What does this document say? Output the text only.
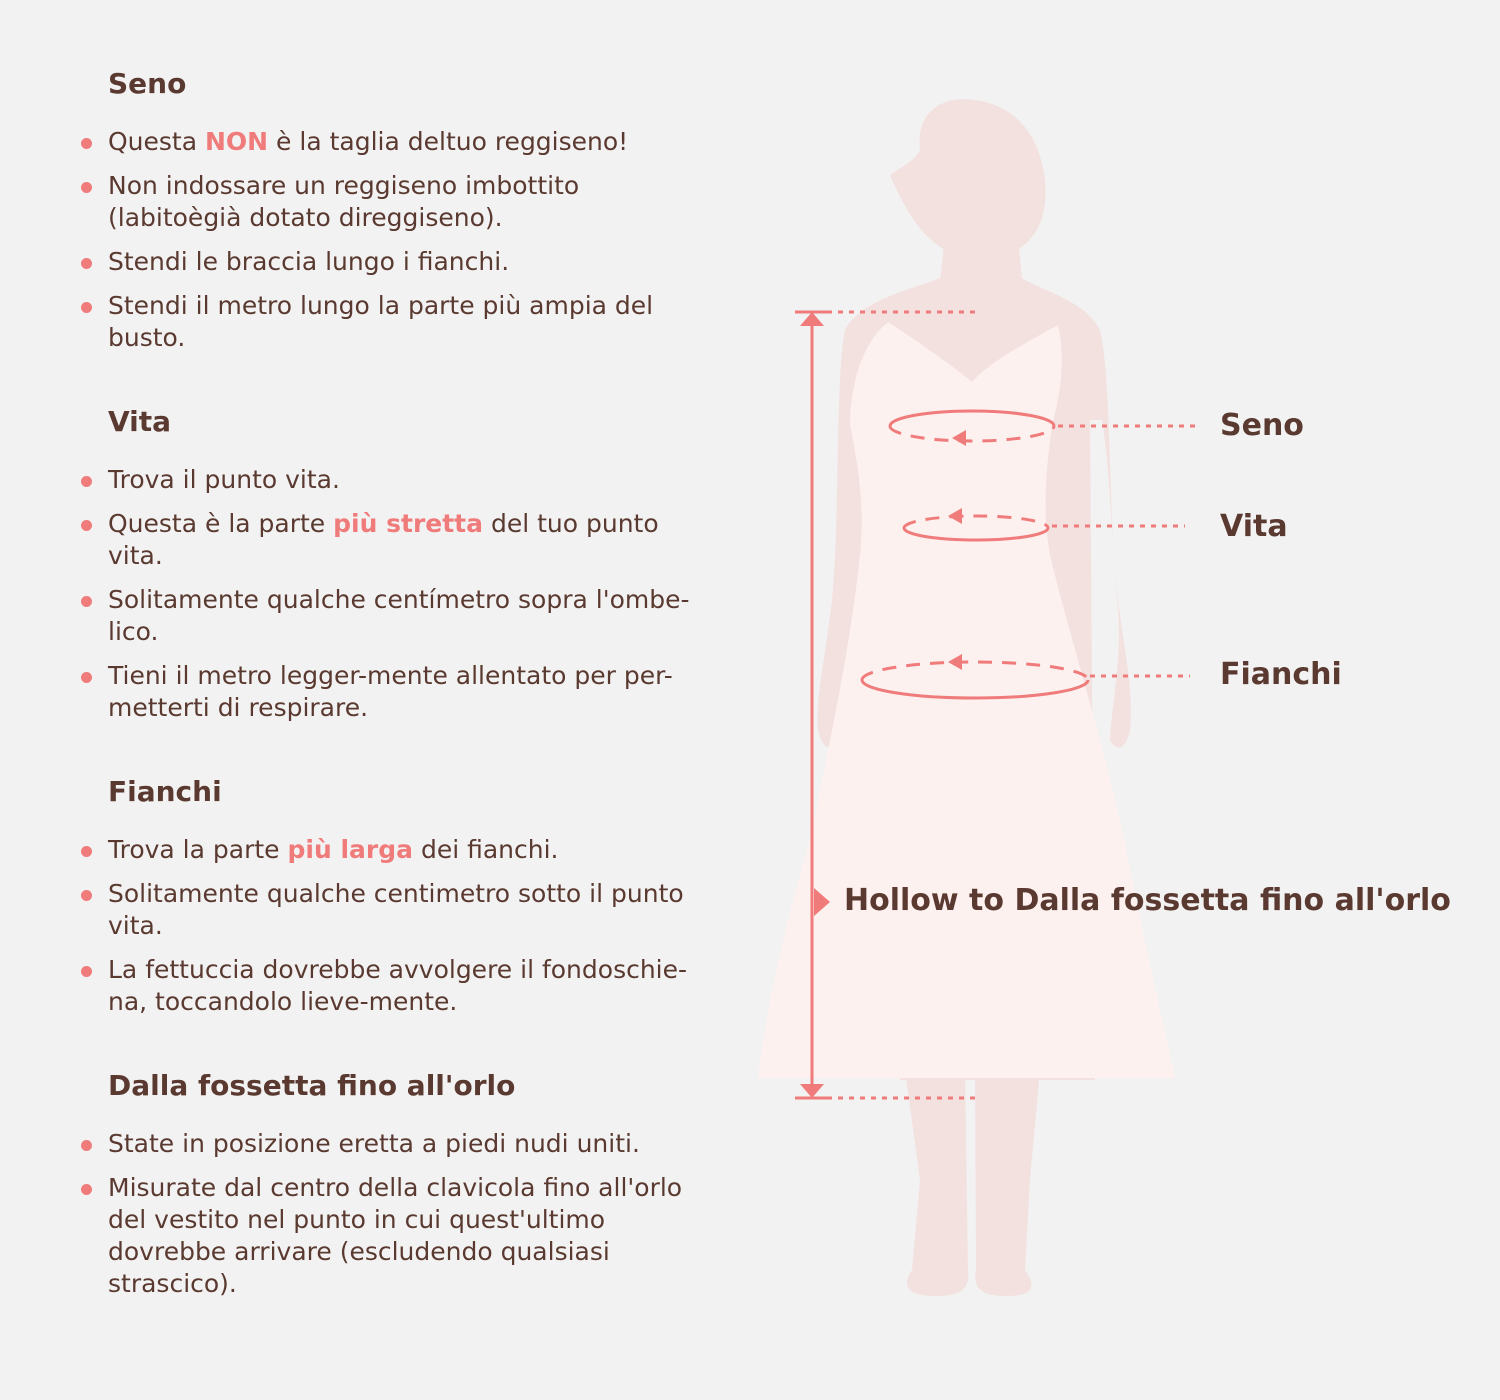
Seno
Questa NON è la taglia deltuo reggiseno!
Non indossare un reggiseno imbottito (labitoègià dotato direggiseno).
Stendi le braccia lungo i fianchi.
Stendi il metro lungo la parte più ampia del busto.
Vita
Trova il punto vita.
Questa è la parte più stretta del tuo punto vita.
Solitamente qualche centímetro sopra l'ombe-lico.
Tieni il metro legger-mente allentato per per-metterti di respirare.
Fianchi
Trova la parte più larga dei fianchi.
Solitamente qualche centimetro sotto il punto vita.
La fettuccia dovrebbe avvolgere il fondoschie-na, toccandolo lieve-mente.
Dalla fossetta fino all'orlo
State in posizione eretta a piedi nudi uniti.
Misurate dal centro della clavicola fino all'orlo del vestito nel punto in cui quest'ultimo dovrebbe arrivare (escludendo qualsiasi strascico).
Seno
Vita
Fianchi
Hollow to Dalla fossetta fino all'orlo
